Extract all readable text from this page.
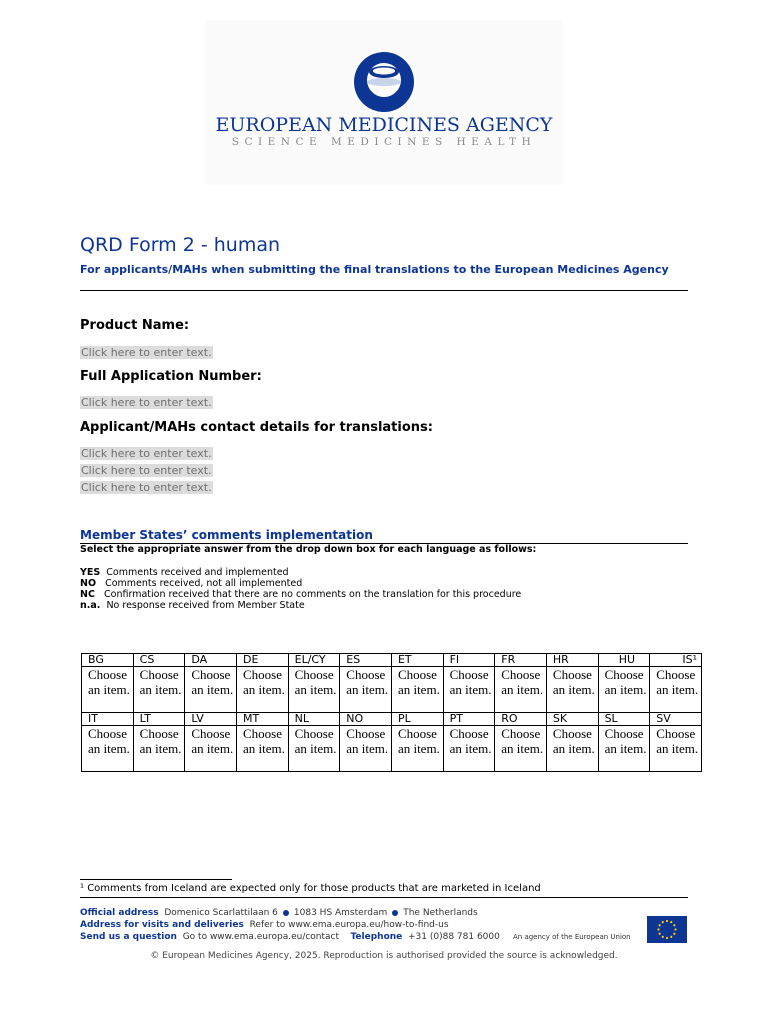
EUROPEAN MEDICINES AGENCY
SCIENCE MEDICINES HEALTH
QRD Form 2 - human
For applicants/MAHs when submitting the final translations to the European Medicines Agency
Product Name:
Click here to enter text.
Full Application Number:
Click here to enter text.
Applicant/MAHs contact details for translations:
Click here to enter text.
Click here to enter text.
Click here to enter text.
Member States’ comments implementation
Select the appropriate answer from the drop down box for each language as follows:
YES Comments received and implemented
NO Comments received, not all implemented
NC Confirmation received that there are no comments on the translation for this procedure
n.a. No response received from Member State
BG	CS	DA	DE	EL/CY	ES	ET	FI	FR	HR	HU	IS¹
Choose an item.	Choose an item.	Choose an item.	Choose an item.	Choose an item.	Choose an item.	Choose an item.	Choose an item.	Choose an item.	Choose an item.	Choose an item.	Choose an item.
IT	LT	LV	MT	NL	NO	PL	PT	RO	SK	SL	SV
Choose an item.	Choose an item.	Choose an item.	Choose an item.	Choose an item.	Choose an item.	Choose an item.	Choose an item.	Choose an item.	Choose an item.	Choose an item.	Choose an item.
¹ Comments from Iceland are expected only for those products that are marketed in Iceland
Official address Domenico Scarlattilaan 6 1083 HS Amsterdam The Netherlands
Address for visits and deliveries Refer to www.ema.europa.eu/how-to-find-us
Send us a question Go to www.ema.europa.eu/contact Telephone +31 (0)88 781 6000 An agency of the European Union
© European Medicines Agency, 2025. Reproduction is authorised provided the source is acknowledged.
